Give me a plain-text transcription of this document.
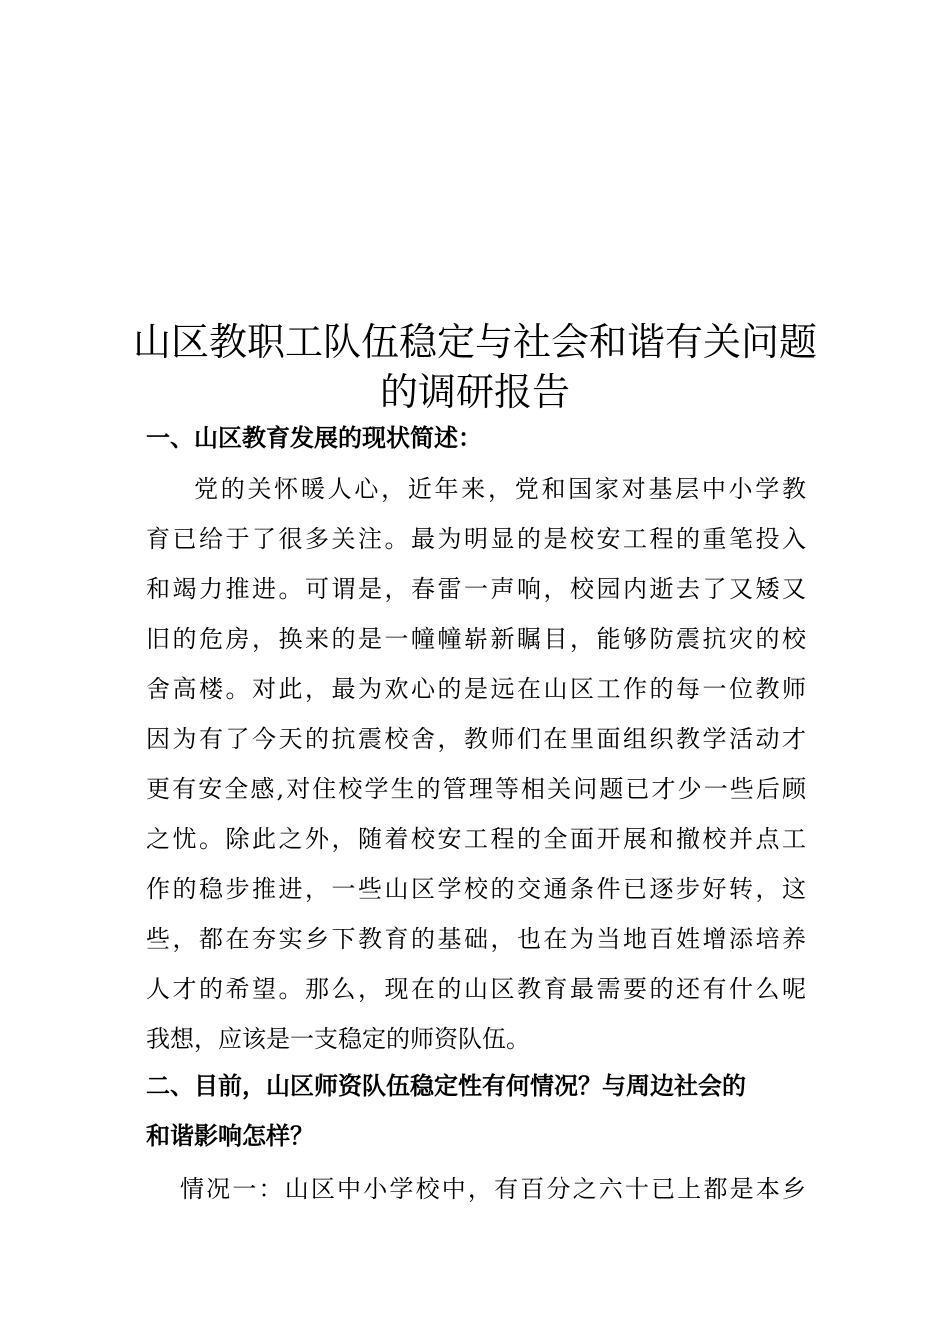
山区教职工队伍稳定与社会和谐有关问题
的调研报告
一、山区教育发展的现状简述：

党的关怀暖人心，近年来，党和国家对基层中小学教

育已给于了很多关注。最为明显的是校安工程的重笔投入

和竭力推进。可谓是，春雷一声响，校园内逝去了又矮又

旧的危房，换来的是一幢幢崭新瞩目，能够防震抗灾的校

舍高楼。对此，最为欢心的是远在山区工作的每一位教师

因为有了今天的抗震校舍，教师们在里面组织教学活动才

更有安全感,对住校学生的管理等相关问题已才少一些后顾

之忧。除此之外，随着校安工程的全面开展和撤校并点工

作的稳步推进，一些山区学校的交通条件已逐步好转，这

些，都在夯实乡下教育的基础，也在为当地百姓增添培养

人才的希望。那么，现在的山区教育最需要的还有什么呢

我想，应该是一支稳定的师资队伍。

二、目前，山区师资队伍稳定性有何情况？与周边社会的
和谐影响怎样？

情况一：山区中小学校中，有百分之六十已上都是本乡
